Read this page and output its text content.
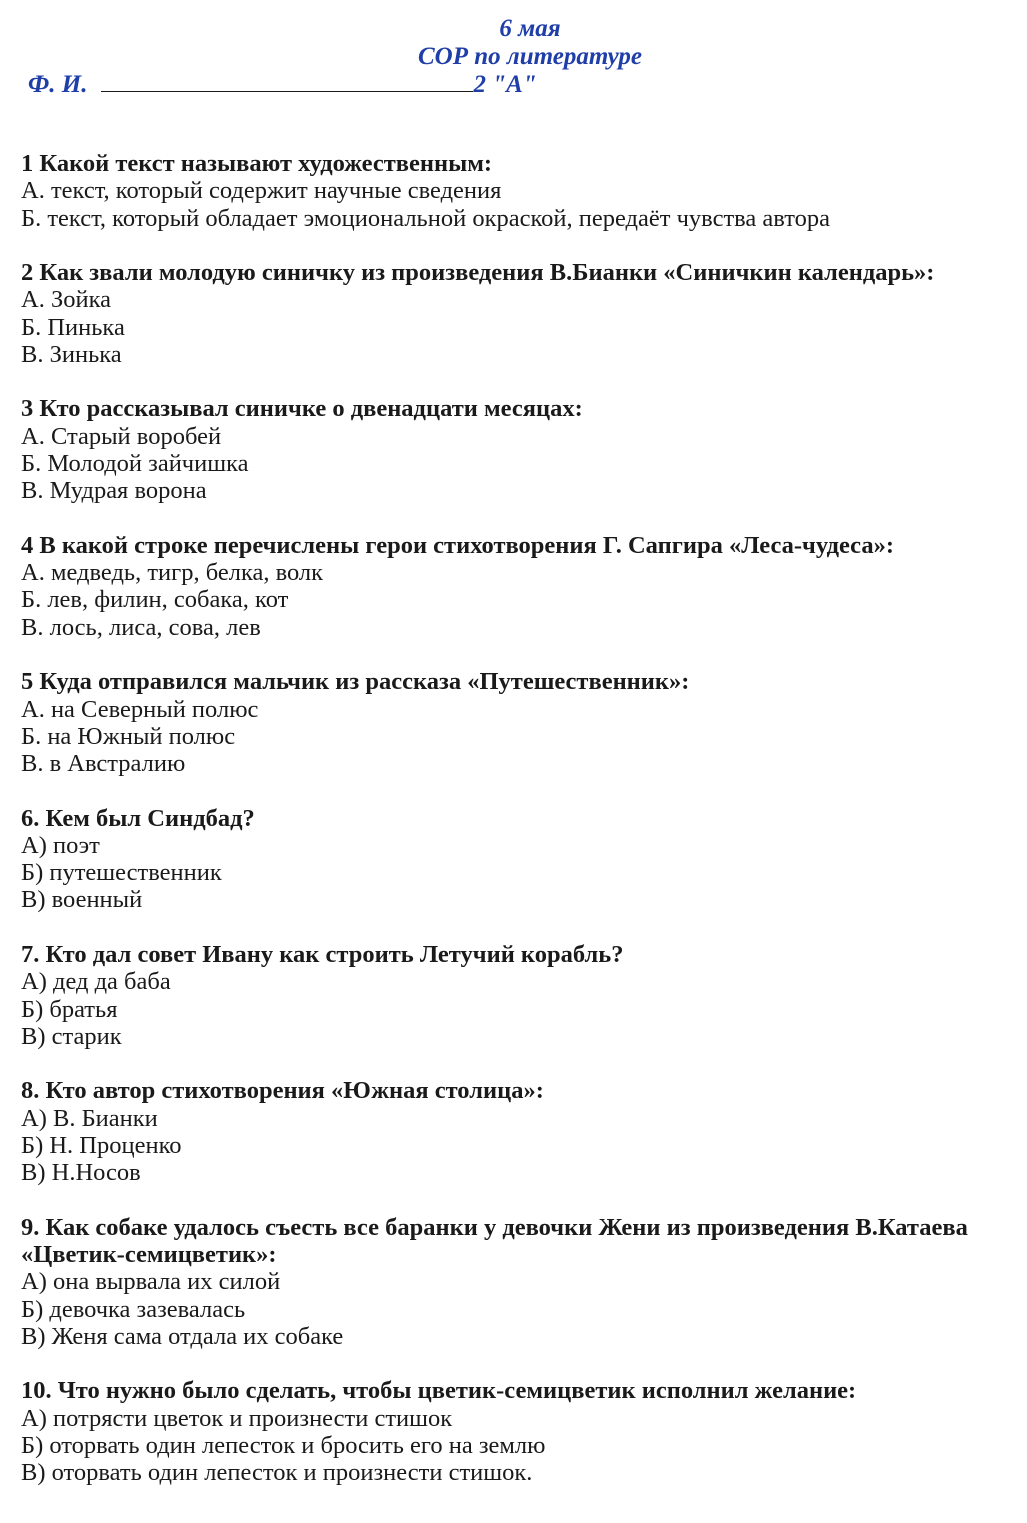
6 мая
СОР по литературе
Ф. И.	2 "А"
1 Какой текст называют художественным:
А. текст, который содержит научные сведения
Б. текст, который обладает эмоциональной окраской, передаёт чувства автора
2 Как звали молодую синичку из произведения В.Бианки «Синичкин календарь»:
А. Зойка
Б. Пинька
В. Зинька
3 Кто рассказывал синичке о двенадцати месяцах:
А. Старый воробей
Б. Молодой зайчишка
В. Мудрая ворона
4 В какой строке перечислены герои стихотворения Г. Сапгира «Леса-чудеса»:
А. медведь, тигр, белка, волк
Б. лев, филин, собака, кот
В. лось, лиса, сова, лев
5 Куда отправился мальчик из рассказа «Путешественник»:
А. на Северный полюс
Б. на Южный полюс
В. в Австралию
6. Кем был Синдбад?
А) поэт
Б) путешественник
В) военный
7. Кто дал совет Ивану как строить Летучий корабль?
А) дед да баба
Б) братья
В) старик
8. Кто автор стихотворения «Южная столица»:
А) В. Бианки
Б) Н. Проценко
В) Н.Носов
9. Как собаке удалось съесть все баранки у девочки Жени из произведения В.Катаева «Цветик-семицветик»:
А) она вырвала их силой
Б) девочка зазевалась
В) Женя сама отдала их собаке
10. Что нужно было сделать, чтобы цветик-семицветик исполнил желание:
А) потрясти цветок и произнести стишок
Б) оторвать один лепесток и бросить его на землю
В) оторвать один лепесток и произнести стишок.
